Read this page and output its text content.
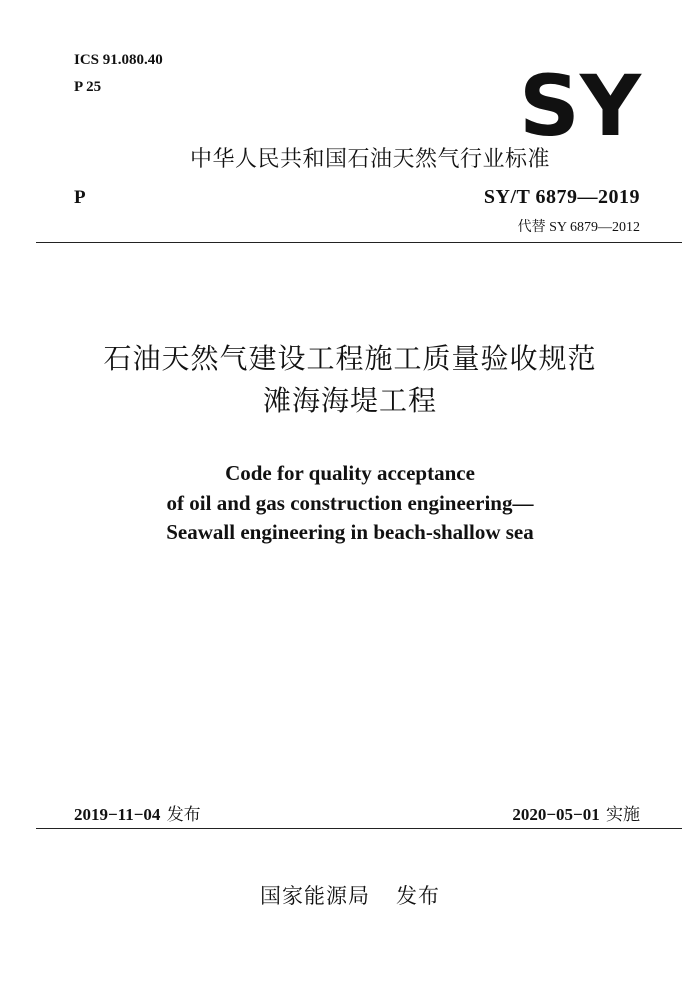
ICS 91.080.40
P 25	SY
中华人民共和国石油天然气行业标准
P	SY/T 6879—2019
代替 SY 6879—2012
石油天然气建设工程施工质量验收规范
滩海海堤工程
Code for quality acceptance
of oil and gas construction engineering—
Seawall engineering in beach-shallow sea
2019−11−04 发布	2020−05−01 实施
国家能源局 发布
